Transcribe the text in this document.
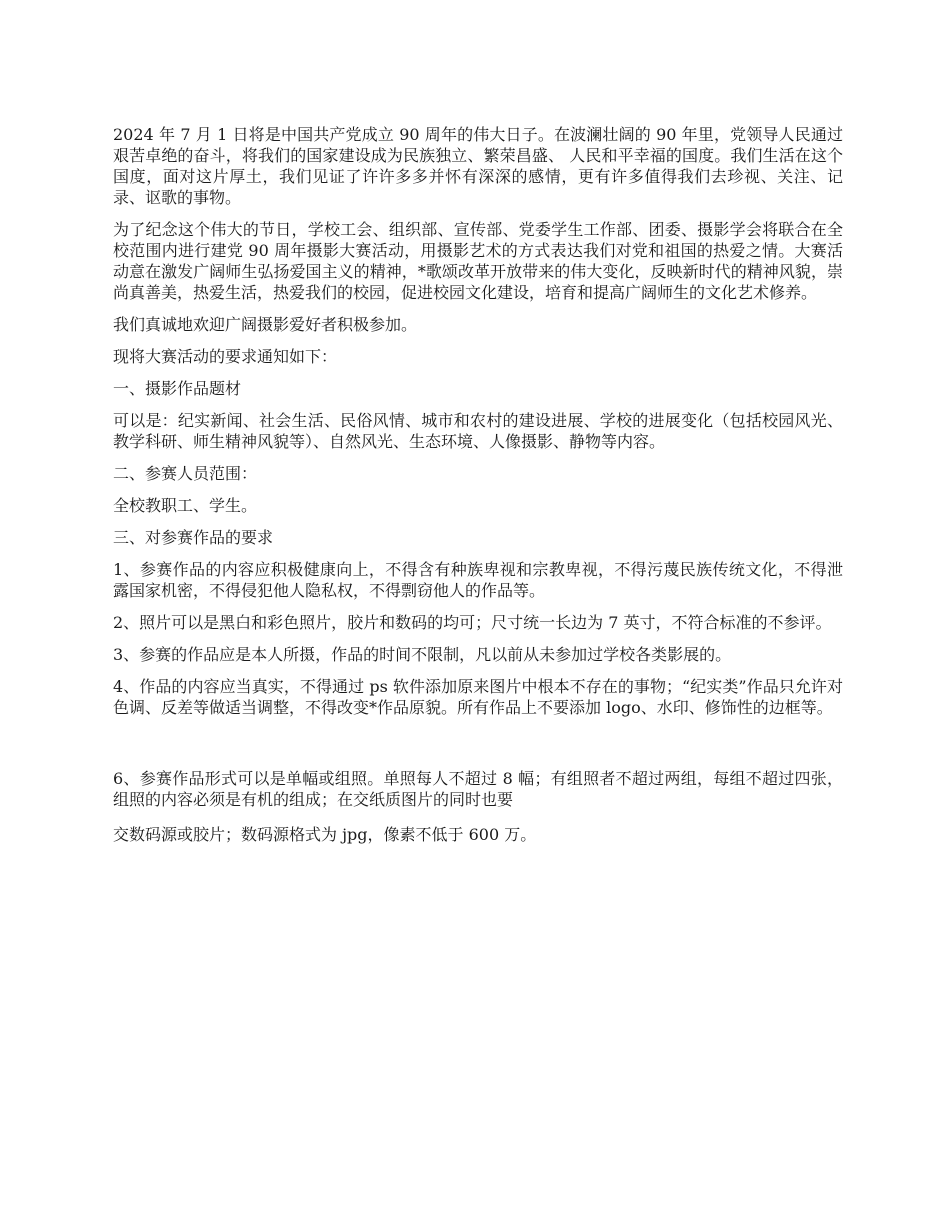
2024 年 7 月 1 日将是中国共产党成立 90 周年的伟大日子。在波澜壮阔的 90 年里，党领导人民通过艰苦卓绝的奋斗，将我们的国家建设成为民族独立、繁荣昌盛、 人民和平幸福的国度。我们生活在这个国度，面对这片厚土，我们见证了许许多多并怀有深深的感情，更有许多值得我们去珍视、关注、记录、讴歌的事物。

为了纪念这个伟大的节日，学校工会、组织部、宣传部、党委学生工作部、团委、摄影学会将联合在全校范围内进行建党 90 周年摄影大赛活动，用摄影艺术的方式表达我们对党和祖国的热爱之情。大赛活动意在激发广阔师生弘扬爱国主义的精神，*歌颂改革开放带来的伟大变化，反映新时代的精神风貌，崇尚真善美，热爱生活，热爱我们的校园，促进校园文化建设，培育和提高广阔师生的文化艺术修养。

我们真诚地欢迎广阔摄影爱好者积极参加。

现将大赛活动的要求通知如下：

一、摄影作品题材

可以是：纪实新闻、社会生活、民俗风情、城市和农村的建设进展、学校的进展变化（包括校园风光、教学科研、师生精神风貌等）、自然风光、生态环境、人像摄影、静物等内容。

二、参赛人员范围：

全校教职工、学生。

三、对参赛作品的要求

1、参赛作品的内容应积极健康向上，不得含有种族卑视和宗教卑视，不得污蔑民族传统文化，不得泄露国家机密，不得侵犯他人隐私权，不得剽窃他人的作品等。

2、照片可以是黑白和彩色照片，胶片和数码的均可；尺寸统一长边为 7 英寸，不符合标准的不参评。

3、参赛的作品应是本人所摄，作品的时间不限制，凡以前从未参加过学校各类影展的。

4、作品的内容应当真实，不得通过 ps 软件添加原来图片中根本不存在的事物；“纪实类”作品只允许对色调、反差等做适当调整，不得改变*作品原貌。所有作品上不要添加 logo、水印、修饰性的边框等。

6、参赛作品形式可以是单幅或组照。单照每人不超过 8 幅；有组照者不超过两组，每组不超过四张，组照的内容必须是有机的组成；在交纸质图片的同时也要

交数码源或胶片；数码源格式为 jpg，像素不低于 600 万。
